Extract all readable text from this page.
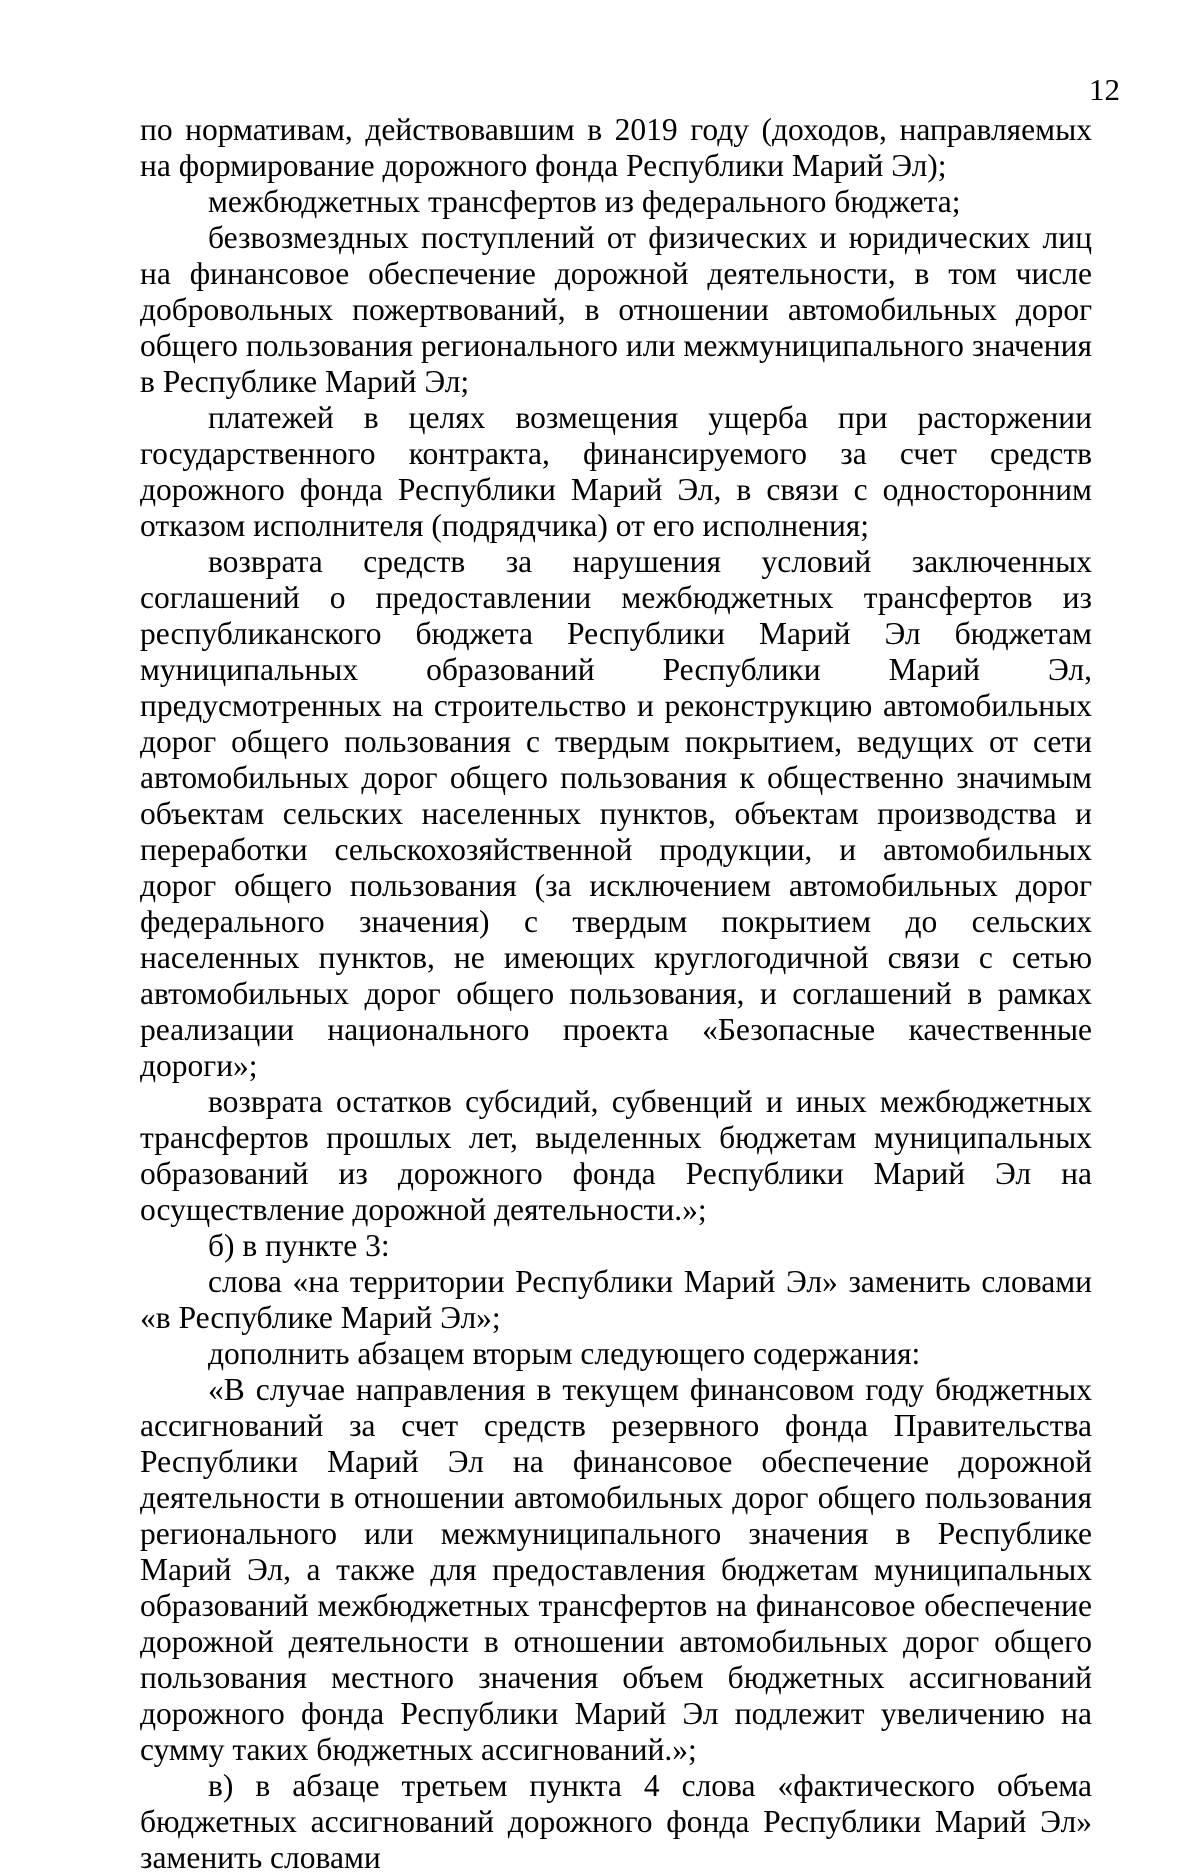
12

по нормативам, действовавшим в 2019 году (доходов, направляемых на формирование дорожного фонда Республики Марий Эл);

межбюджетных трансфертов из федерального бюджета;

безвозмездных поступлений от физических и юридических лиц на финансовое обеспечение дорожной деятельности, в том числе добровольных пожертвований, в отношении автомобильных дорог общего пользования регионального или межмуниципального значения в Республике Марий Эл;

платежей в целях возмещения ущерба при расторжении государственного контракта, финансируемого за счет средств дорожного фонда Республики Марий Эл, в связи с односторонним отказом исполнителя (подрядчика) от его исполнения;

возврата средств за нарушения условий заключенных соглашений о предоставлении межбюджетных трансфертов из республиканского бюджета Республики Марий Эл бюджетам муниципальных образований Республики Марий Эл, предусмотренных на строительство и реконструкцию автомобильных дорог общего пользования с твердым покрытием, ведущих от сети автомобильных дорог общего пользования к общественно значимым объектам сельских населенных пунктов, объектам производства и переработки сельскохозяйственной продукции, и автомобильных дорог общего пользования (за исключением автомобильных дорог федерального значения) с твердым покрытием до сельских населенных пунктов, не имеющих круглогодичной связи с сетью автомобильных дорог общего пользования, и соглашений в рамках реализации национального проекта «Безопасные качественные дороги»;

возврата остатков субсидий, субвенций и иных межбюджетных трансфертов прошлых лет, выделенных бюджетам муниципальных образований из дорожного фонда Республики Марий Эл на осуществление дорожной деятельности.»;

б) в пункте 3:

слова «на территории Республики Марий Эл» заменить словами «в Республике Марий Эл»;

дополнить абзацем вторым следующего содержания:

«В случае направления в текущем финансовом году бюджетных ассигнований за счет средств резервного фонда Правительства Республики Марий Эл на финансовое обеспечение дорожной деятельности в отношении автомобильных дорог общего пользования регионального или межмуниципального значения в Республике Марий Эл, а также для предоставления бюджетам муниципальных образований межбюджетных трансфертов на финансовое обеспечение дорожной деятельности в отношении автомобильных дорог общего пользования местного значения объем бюджетных ассигнований дорожного фонда Республики Марий Эл подлежит увеличению на сумму таких бюджетных ассигнований.»;

в) в абзаце третьем пункта 4 слова «фактического объема бюджетных ассигнований дорожного фонда Республики Марий Эл» заменить словами
